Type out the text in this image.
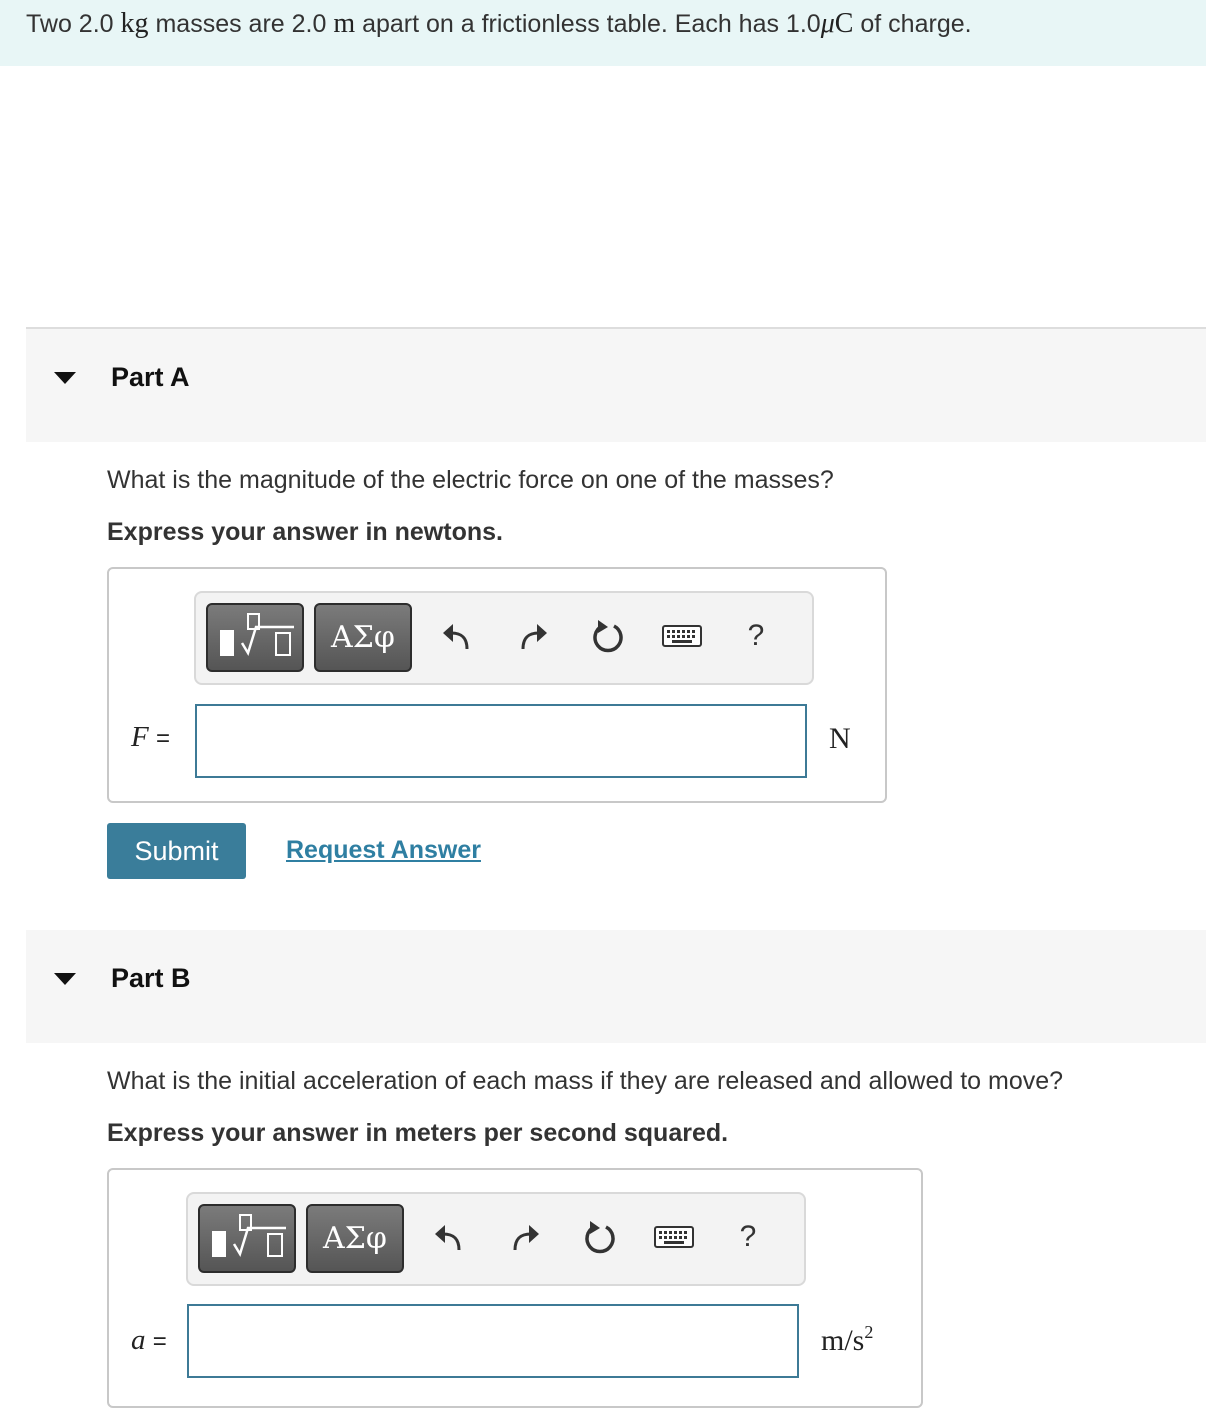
Two 2.0 kg masses are 2.0 m apart on a frictionless table. Each has 1.0μC of charge.
Part A
What is the magnitude of the electric force on one of the masses?
Express your answer in newtons.
ΑΣφ	?
F =	N
Submit	Request Answer
Part B
What is the initial acceleration of each mass if they are released and allowed to move?
Express your answer in meters per second squared.
ΑΣφ	?
a =	$m/s^2$
